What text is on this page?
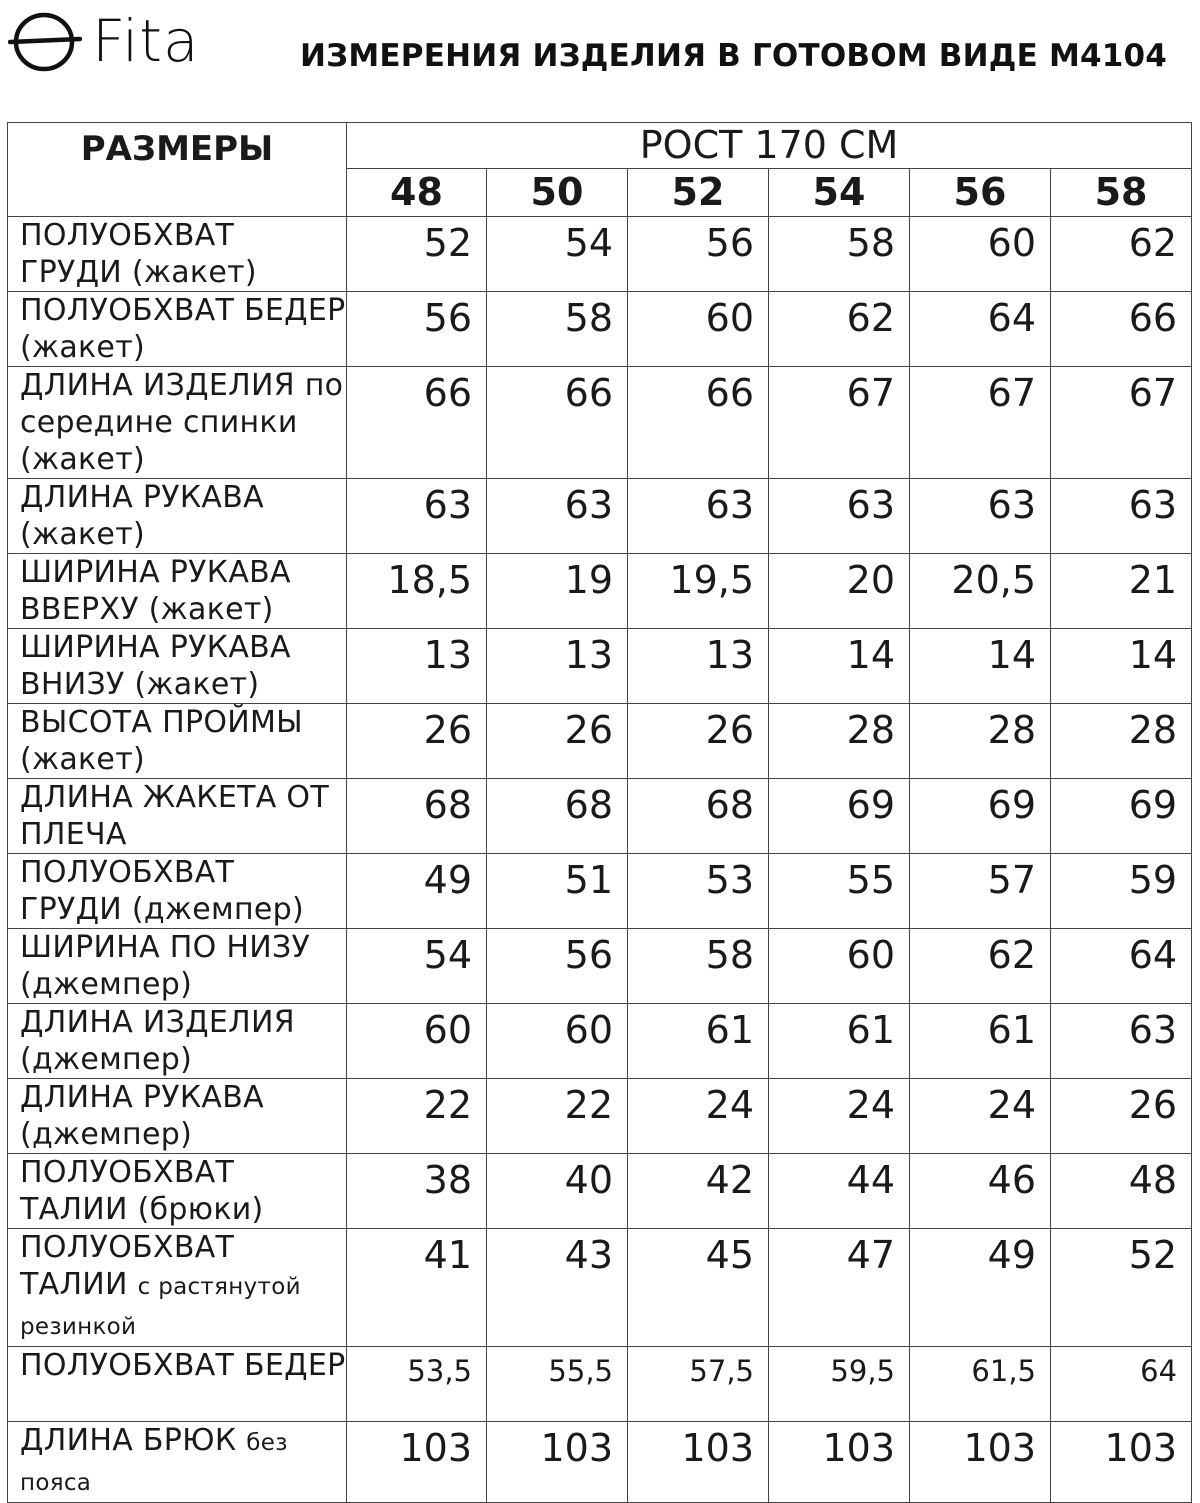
Fita	ИЗМЕРЕНИЯ ИЗДЕЛИЯ В ГОТОВОМ ВИДЕ М4104
РАЗМЕРЫ	РОСТ 170 СМ					
	48	50	52	54	56	58
ПОЛУОБХВАТ ГРУДИ (жакет)	52	54	56	58	60	62
ПОЛУОБХВАТ БЕДЕР (жакет)	56	58	60	62	64	66
ДЛИНА ИЗДЕЛИЯ по середине спинки (жакет)	66	66	66	67	67	67
ДЛИНА РУКАВА (жакет)	63	63	63	63	63	63
ШИРИНА РУКАВА ВВЕРХУ (жакет)	18,5	19	19,5	20	20,5	21
ШИРИНА РУКАВА ВНИЗУ (жакет)	13	13	13	14	14	14
ВЫСОТА ПРОЙМЫ (жакет)	26	26	26	28	28	28
ДЛИНА ЖАКЕТА ОТ ПЛЕЧА	68	68	68	69	69	69
ПОЛУОБХВАТ ГРУДИ (джемпер)	49	51	53	55	57	59
ШИРИНА ПО НИЗУ (джемпер)	54	56	58	60	62	64
ДЛИНА ИЗДЕЛИЯ (джемпер)	60	60	61	61	61	63
ДЛИНА РУКАВА (джемпер)	22	22	24	24	24	26
ПОЛУОБХВАТ ТАЛИИ (брюки)	38	40	42	44	46	48
ПОЛУОБХВАТ ТАЛИИ с растянутой резинкой	41	43	45	47	49	52
ПОЛУОБХВАТ БЕДЕР	53,5	55,5	57,5	59,5	61,5	64
ДЛИНА БРЮК без пояса	103	103	103	103	103	103
